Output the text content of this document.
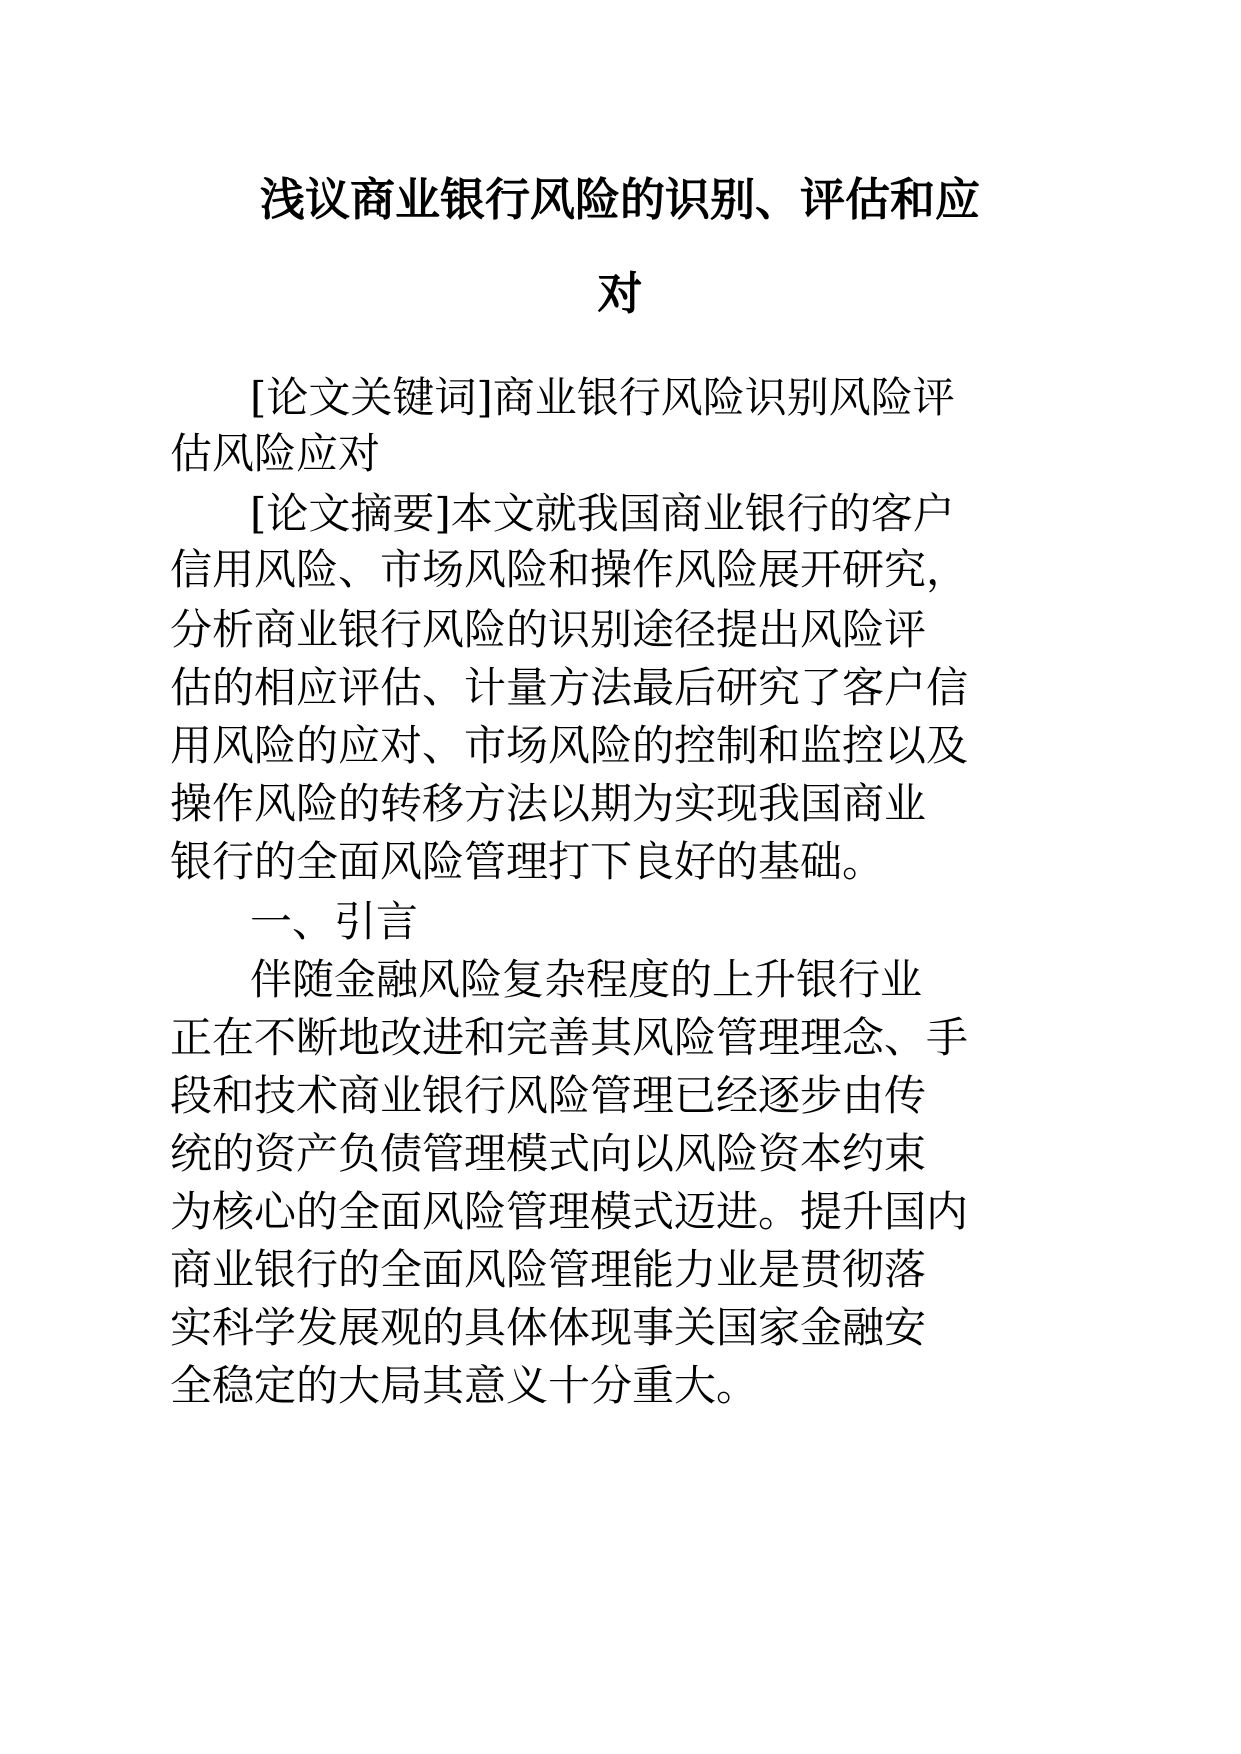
浅议商业银行风险的识别、评估和应
对

[论文关键词]商业银行风险识别风险评

估风险应对

[论文摘要]本文就我国商业银行的客户

信用风险、市场风险和操作风险展开研究，

分析商业银行风险的识别途径提出风险评

估的相应评估、计量方法最后研究了客户信

用风险的应对、市场风险的控制和监控以及

操作风险的转移方法以期为实现我国商业

银行的全面风险管理打下良好的基础。

一、引言

伴随金融风险复杂程度的上升银行业

正在不断地改进和完善其风险管理理念、手

段和技术商业银行风险管理已经逐步由传

统的资产负债管理模式向以风险资本约束

为核心的全面风险管理模式迈进。提升国内

商业银行的全面风险管理能力业是贯彻落

实科学发展观的具体体现事关国家金融安

全稳定的大局其意义十分重大。
